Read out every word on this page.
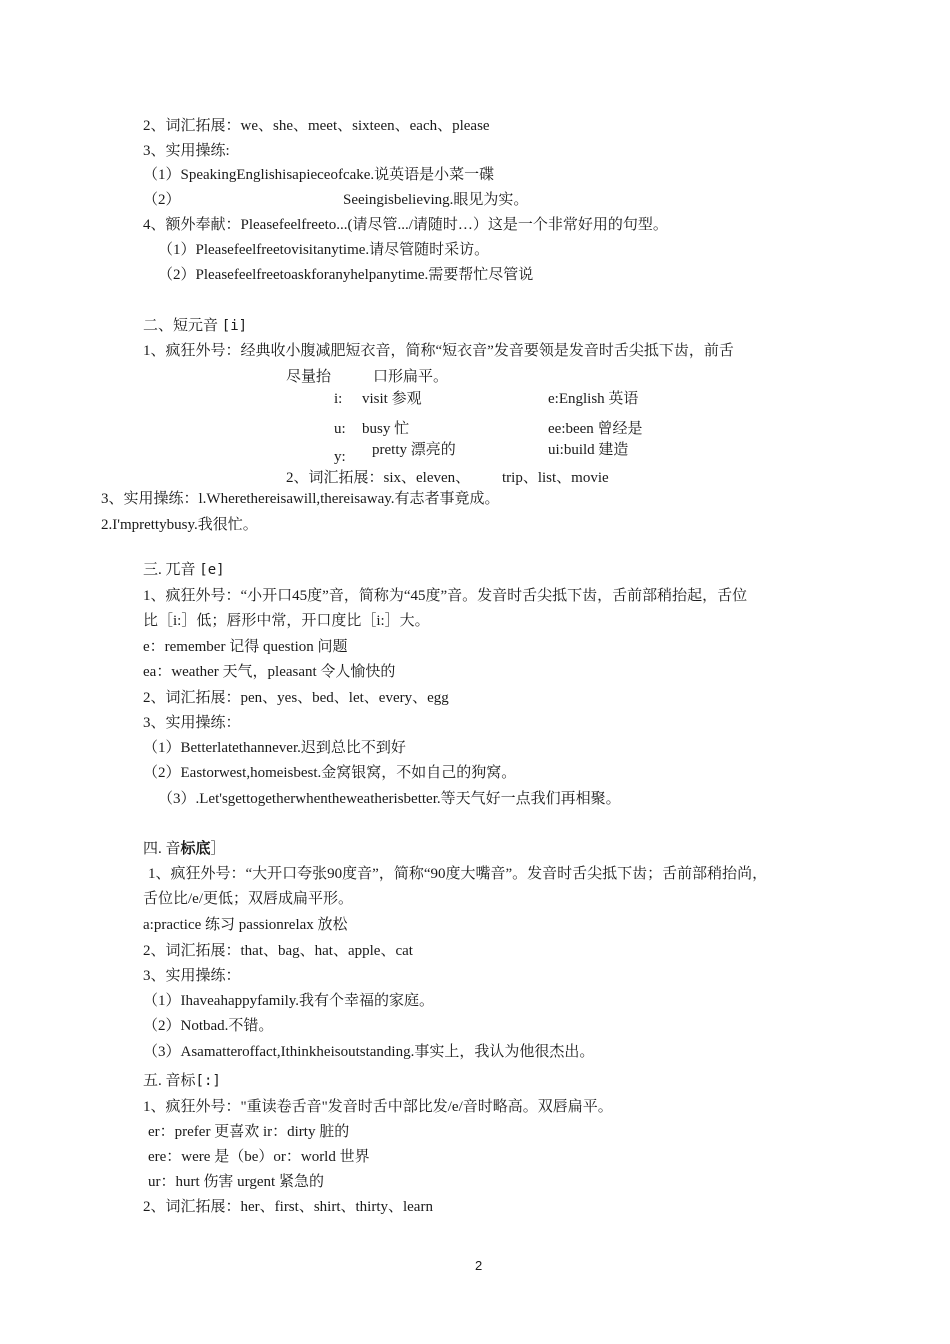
2、词汇拓展：we、she、meet、sixteen、each、please
3、实用操练:
（1）SpeakingEnglishisapieceofcake.说英语是小菜一碟
（2）	Seeingisbelieving.眼见为实。
4、额外奉献：Pleasefeelfreeto...(请尽管.../请随时…）这是一个非常好用的句型。
（1）Pleasefeelfreetovisitanytime.请尽管随时采访。
（2）Pleasefeelfreetoaskforanyhelpanytime.需要帮忙尽管说
二、短元音 [i]
1、疯狂外号：经典收小腹减肥短衣音，简称“短衣音”发音要领是发音时舌尖抵下齿，前舌
尽量抬	口形扁平。
i: visit 参观	e:English 英语
u: busy 忙	ee:been 曾经是
y: pretty 漂亮的	ui:build 建造
2、词汇拓展：six、eleven、 trip、list、movie
3、实用操练：l.Wherethereisawill,thereisaway.有志者事竟成。
2.I'mprettybusy.我很忙。
三. 兀音 [e]
1、疯狂外号：“小开口45度”音，简称为“45度”音。发音时舌尖抵下齿，舌前部稍抬起，舌位
比［i:］低；唇形中常，开口度比［i:］大。
e：remember 记得 question 问题
ea：weather 天气，pleasant 令人愉快的
2、词汇拓展：pen、yes、bed、let、every、egg
3、实用操练：
（1）Betterlatethannever.迟到总比不到好
（2）Eastorwest,homeisbest.金窝银窝，不如自己的狗窝。
（3）.Let'sgettogetherwhentheweatherisbetter.等天气好一点我们再相聚。
四. 音标底］
1、疯狂外号：“大开口夸张90度音”，简称“90度大嘴音”。发音时舌尖抵下齿；舌前部稍抬尚，
舌位比/e/更低；双唇成扁平形。
a:practice 练习 passionrelax 放松
2、词汇拓展：that、bag、hat、apple、cat
3、实用操练：
（1）Ihaveahappyfamily.我有个幸福的家庭。
（2）Notbad.不错。
（3）Asamatteroffact,Ithinkheisoutstanding.事实上，我认为他很杰出。
五. 音标[:]
1、疯狂外号："重读卷舌音"发音时舌中部比发/e/音时略高。双唇扁平。
er：prefer 更喜欢 ir：dirty 脏的
ere：were 是（be）or：world 世界
ur：hurt 伤害 urgent 紧急的
2、词汇拓展：her、first、shirt、thirty、learn
2
